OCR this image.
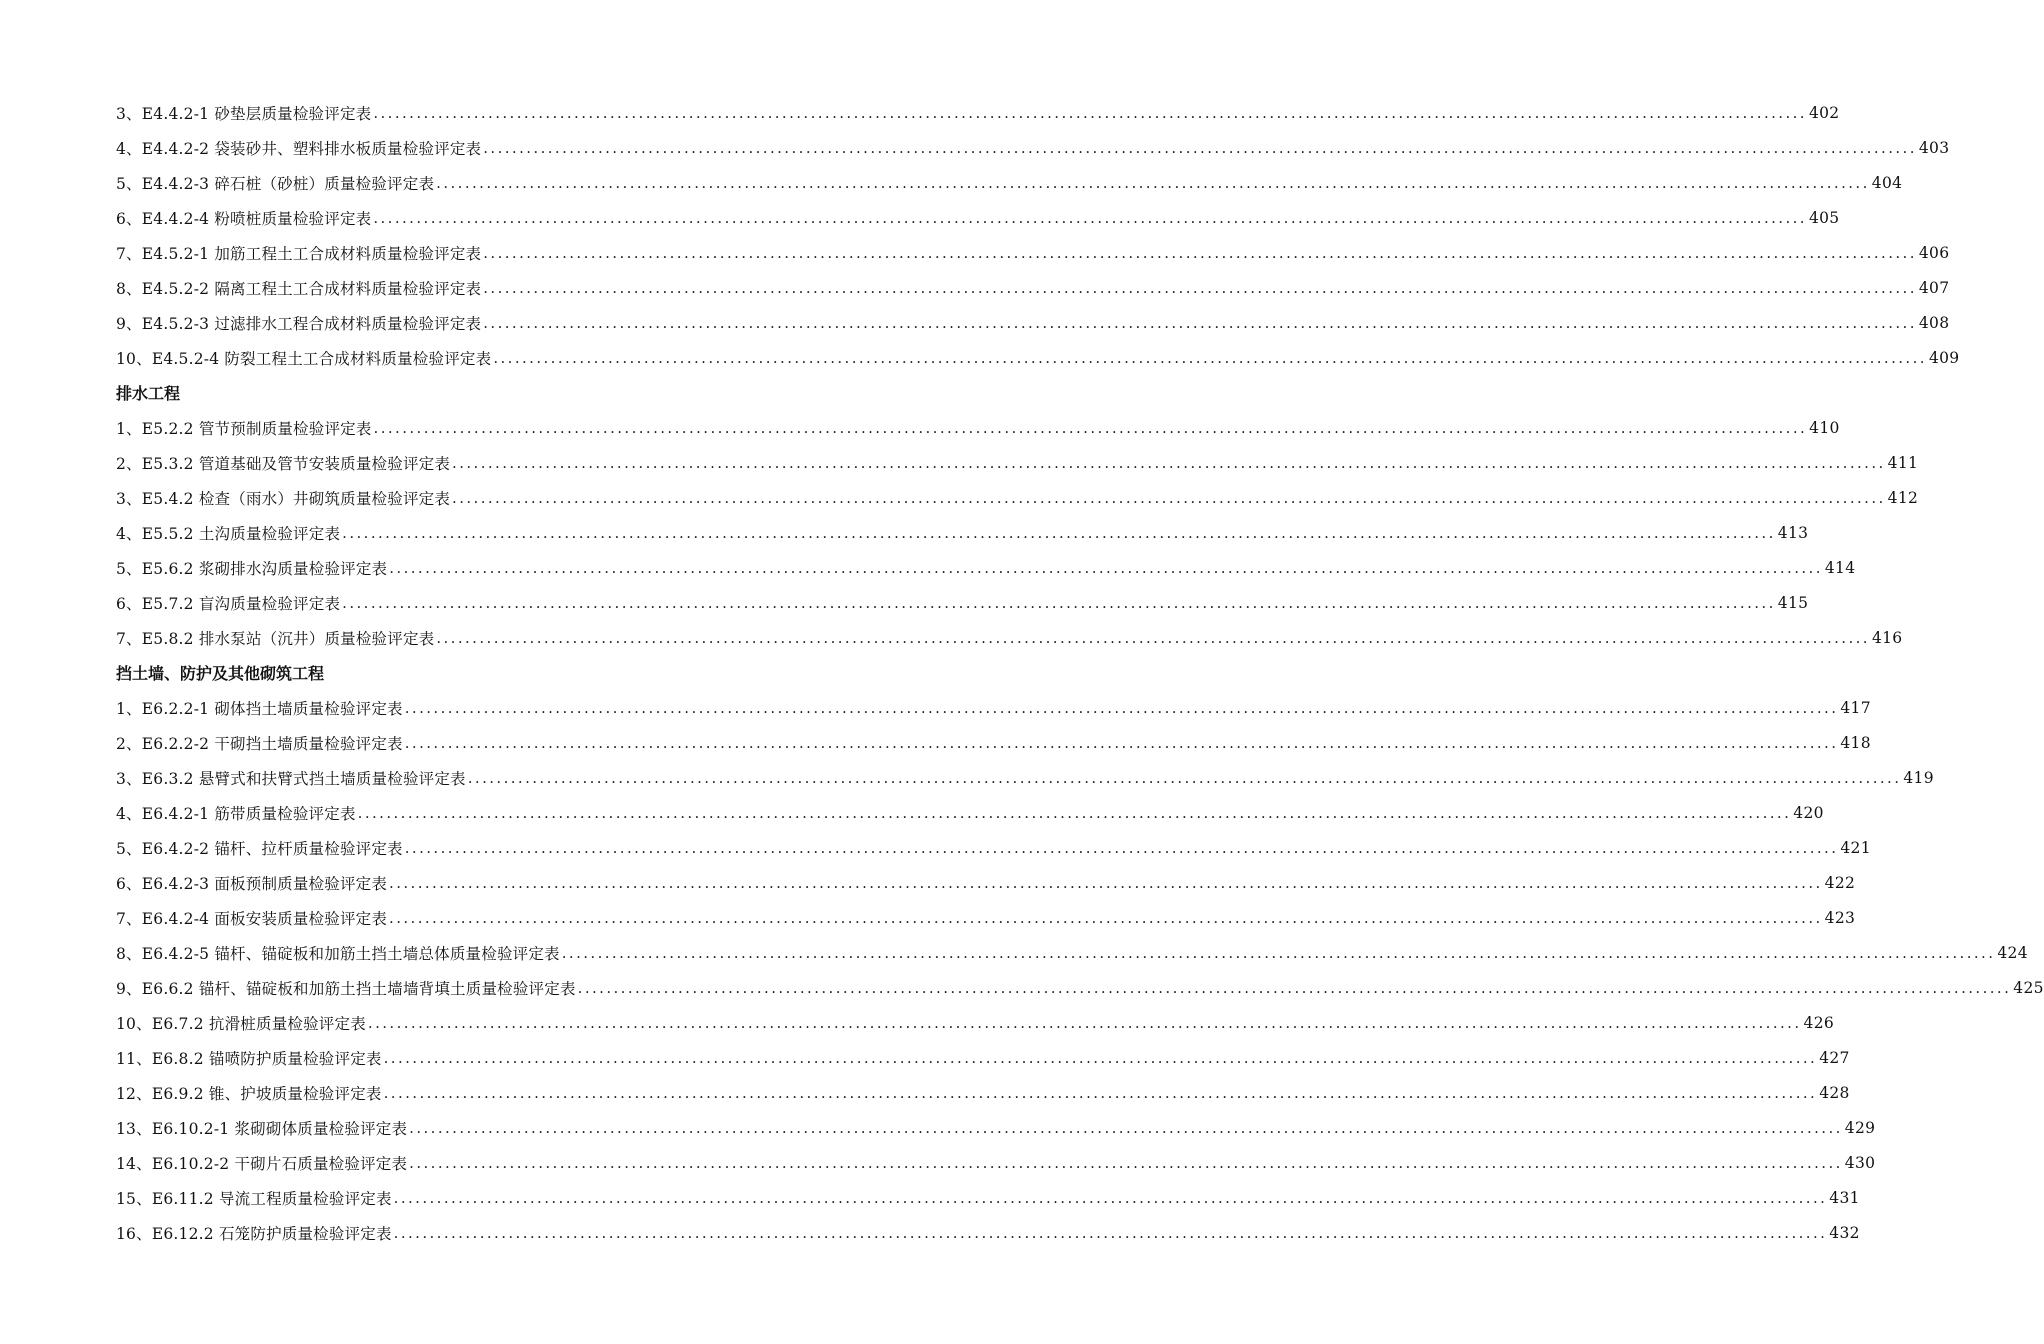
3、E4.4.2-1 砂垫层质量检验评定表 ........................................................................................................................................................................................................ 402
4、E4.4.2-2 袋装砂井、塑料排水板质量检验评定表 ........................................................................................................................................................................................................ 403
5、E4.4.2-3 碎石桩（砂桩）质量检验评定表 ........................................................................................................................................................................................................ 404
6、E4.4.2-4 粉喷桩质量检验评定表 ........................................................................................................................................................................................................ 405
7、E4.5.2-1 加筋工程土工合成材料质量检验评定表 ........................................................................................................................................................................................................ 406
8、E4.5.2-2 隔离工程土工合成材料质量检验评定表 ........................................................................................................................................................................................................ 407
9、E4.5.2-3 过滤排水工程合成材料质量检验评定表 ........................................................................................................................................................................................................ 408
10、E4.5.2-4 防裂工程土工合成材料质量检验评定表 ........................................................................................................................................................................................................ 409
排水工程
1、E5.2.2 管节预制质量检验评定表 ........................................................................................................................................................................................................ 410
2、E5.3.2 管道基础及管节安装质量检验评定表 ........................................................................................................................................................................................................ 411
3、E5.4.2 检查（雨水）井砌筑质量检验评定表 ........................................................................................................................................................................................................ 412
4、E5.5.2 土沟质量检验评定表 ........................................................................................................................................................................................................ 413
5、E5.6.2 浆砌排水沟质量检验评定表 ........................................................................................................................................................................................................ 414
6、E5.7.2 盲沟质量检验评定表 ........................................................................................................................................................................................................ 415
7、E5.8.2 排水泵站（沉井）质量检验评定表 ........................................................................................................................................................................................................ 416
挡土墙、防护及其他砌筑工程
1、E6.2.2-1 砌体挡土墙质量检验评定表 ........................................................................................................................................................................................................ 417
2、E6.2.2-2 干砌挡土墙质量检验评定表 ........................................................................................................................................................................................................ 418
3、E6.3.2 悬臂式和扶臂式挡土墙质量检验评定表 ........................................................................................................................................................................................................ 419
4、E6.4.2-1 筋带质量检验评定表 ........................................................................................................................................................................................................ 420
5、E6.4.2-2 锚杆、拉杆质量检验评定表 ........................................................................................................................................................................................................ 421
6、E6.4.2-3 面板预制质量检验评定表 ........................................................................................................................................................................................................ 422
7、E6.4.2-4 面板安装质量检验评定表 ........................................................................................................................................................................................................ 423
8、E6.4.2-5 锚杆、锚碇板和加筋土挡土墙总体质量检验评定表 ........................................................................................................................................................................................................ 424
9、E6.6.2 锚杆、锚碇板和加筋土挡土墙墙背填土质量检验评定表 ........................................................................................................................................................................................................ 425
10、E6.7.2 抗滑桩质量检验评定表 ........................................................................................................................................................................................................ 426
11、E6.8.2 锚喷防护质量检验评定表 ........................................................................................................................................................................................................ 427
12、E6.9.2 锥、护坡质量检验评定表 ........................................................................................................................................................................................................ 428
13、E6.10.2-1 浆砌砌体质量检验评定表 ........................................................................................................................................................................................................ 429
14、E6.10.2-2 干砌片石质量检验评定表 ........................................................................................................................................................................................................ 430
15、E6.11.2 导流工程质量检验评定表 ........................................................................................................................................................................................................ 431
16、E6.12.2 石笼防护质量检验评定表 ........................................................................................................................................................................................................ 432
